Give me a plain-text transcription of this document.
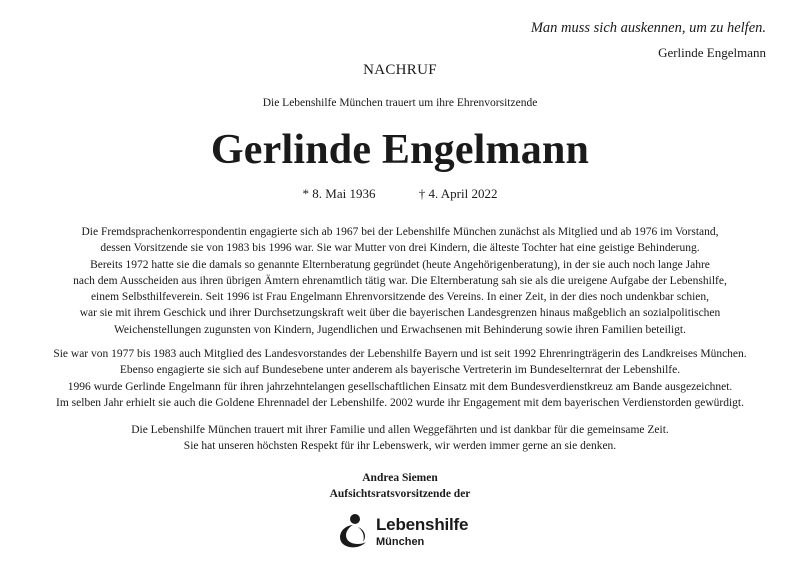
Man muss sich auskennen, um zu helfen.
Gerlinde Engelmann
NACHRUF
Die Lebenshilfe München trauert um ihre Ehrenvorsitzende
Gerlinde Engelmann
* 8. Mai 1936	† 4. April 2022
Die Fremdsprachenkorrespondentin engagierte sich ab 1967 bei der Lebenshilfe München zunächst als Mitglied und ab 1976 im Vorstand,
dessen Vorsitzende sie von 1983 bis 1996 war. Sie war Mutter von drei Kindern, die älteste Tochter hat eine geistige Behinderung.
Bereits 1972 hatte sie die damals so genannte Elternberatung gegründet (heute Angehörigenberatung), in der sie auch noch lange Jahre
nach dem Ausscheiden aus ihren übrigen Ämtern ehrenamtlich tätig war. Die Elternberatung sah sie als die ureigene Aufgabe der Lebenshilfe,
einem Selbsthilfeverein. Seit 1996 ist Frau Engelmann Ehrenvorsitzende des Vereins. In einer Zeit, in der dies noch undenkbar schien,
war sie mit ihrem Geschick und ihrer Durchsetzungskraft weit über die bayerischen Landesgrenzen hinaus maßgeblich an sozialpolitischen
Weichenstellungen zugunsten von Kindern, Jugendlichen und Erwachsenen mit Behinderung sowie ihren Familien beteiligt.
Sie war von 1977 bis 1983 auch Mitglied des Landesvorstandes der Lebenshilfe Bayern und ist seit 1992 Ehrenringträgerin des Landkreises München.
Ebenso engagierte sie sich auf Bundesebene unter anderem als bayerische Vertreterin im Bundeselternrat der Lebenshilfe.
1996 wurde Gerlinde Engelmann für ihren jahrzehntelangen gesellschaftlichen Einsatz mit dem Bundesverdienstkreuz am Bande ausgezeichnet.
Im selben Jahr erhielt sie auch die Goldene Ehrennadel der Lebenshilfe. 2002 wurde ihr Engagement mit dem bayerischen Verdienstorden gewürdigt.
Die Lebenshilfe München trauert mit ihrer Familie und allen Weggefährten und ist dankbar für die gemeinsame Zeit.
Sie hat unseren höchsten Respekt für ihr Lebenswerk, wir werden immer gerne an sie denken.
Andrea Siemen
Aufsichtsratsvorsitzende der
Lebenshilfe
München
